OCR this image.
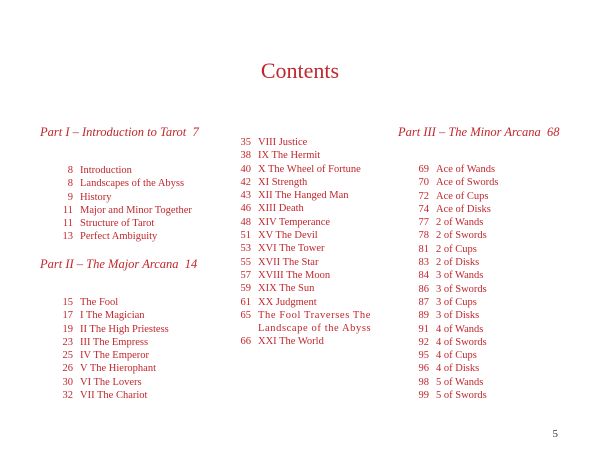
Contents
Part I – Introduction to Tarot 7
8 Introduction
8 Landscapes of the Abyss
9 History
11 Major and Minor Together
11 Structure of Tarot
13 Perfect Ambiguity
Part II – The Major Arcana 14
15 The Fool
17 I The Magician
19 II The High Priestess
23 III The Empress
25 IV The Emperor
26 V The Hierophant
30 VI The Lovers
32 VII The Chariot
35 VIII Justice
38 IX The Hermit
40 X The Wheel of Fortune
42 XI Strength
43 XII The Hanged Man
46 XIII Death
48 XIV Temperance
51 XV The Devil
53 XVI The Tower
55 XVII The Star
57 XVIII The Moon
59 XIX The Sun
61 XX Judgment
65 The Fool Traverses The Landscape of the Abyss
66 XXI The World
Part III – The Minor Arcana 68
69 Ace of Wands
70 Ace of Swords
72 Ace of Cups
74 Ace of Disks
77 2 of Wands
78 2 of Swords
81 2 of Cups
83 2 of Disks
84 3 of Wands
86 3 of Swords
87 3 of Cups
89 3 of Disks
91 4 of Wands
92 4 of Swords
95 4 of Cups
96 4 of Disks
98 5 of Wands
99 5 of Swords
5
